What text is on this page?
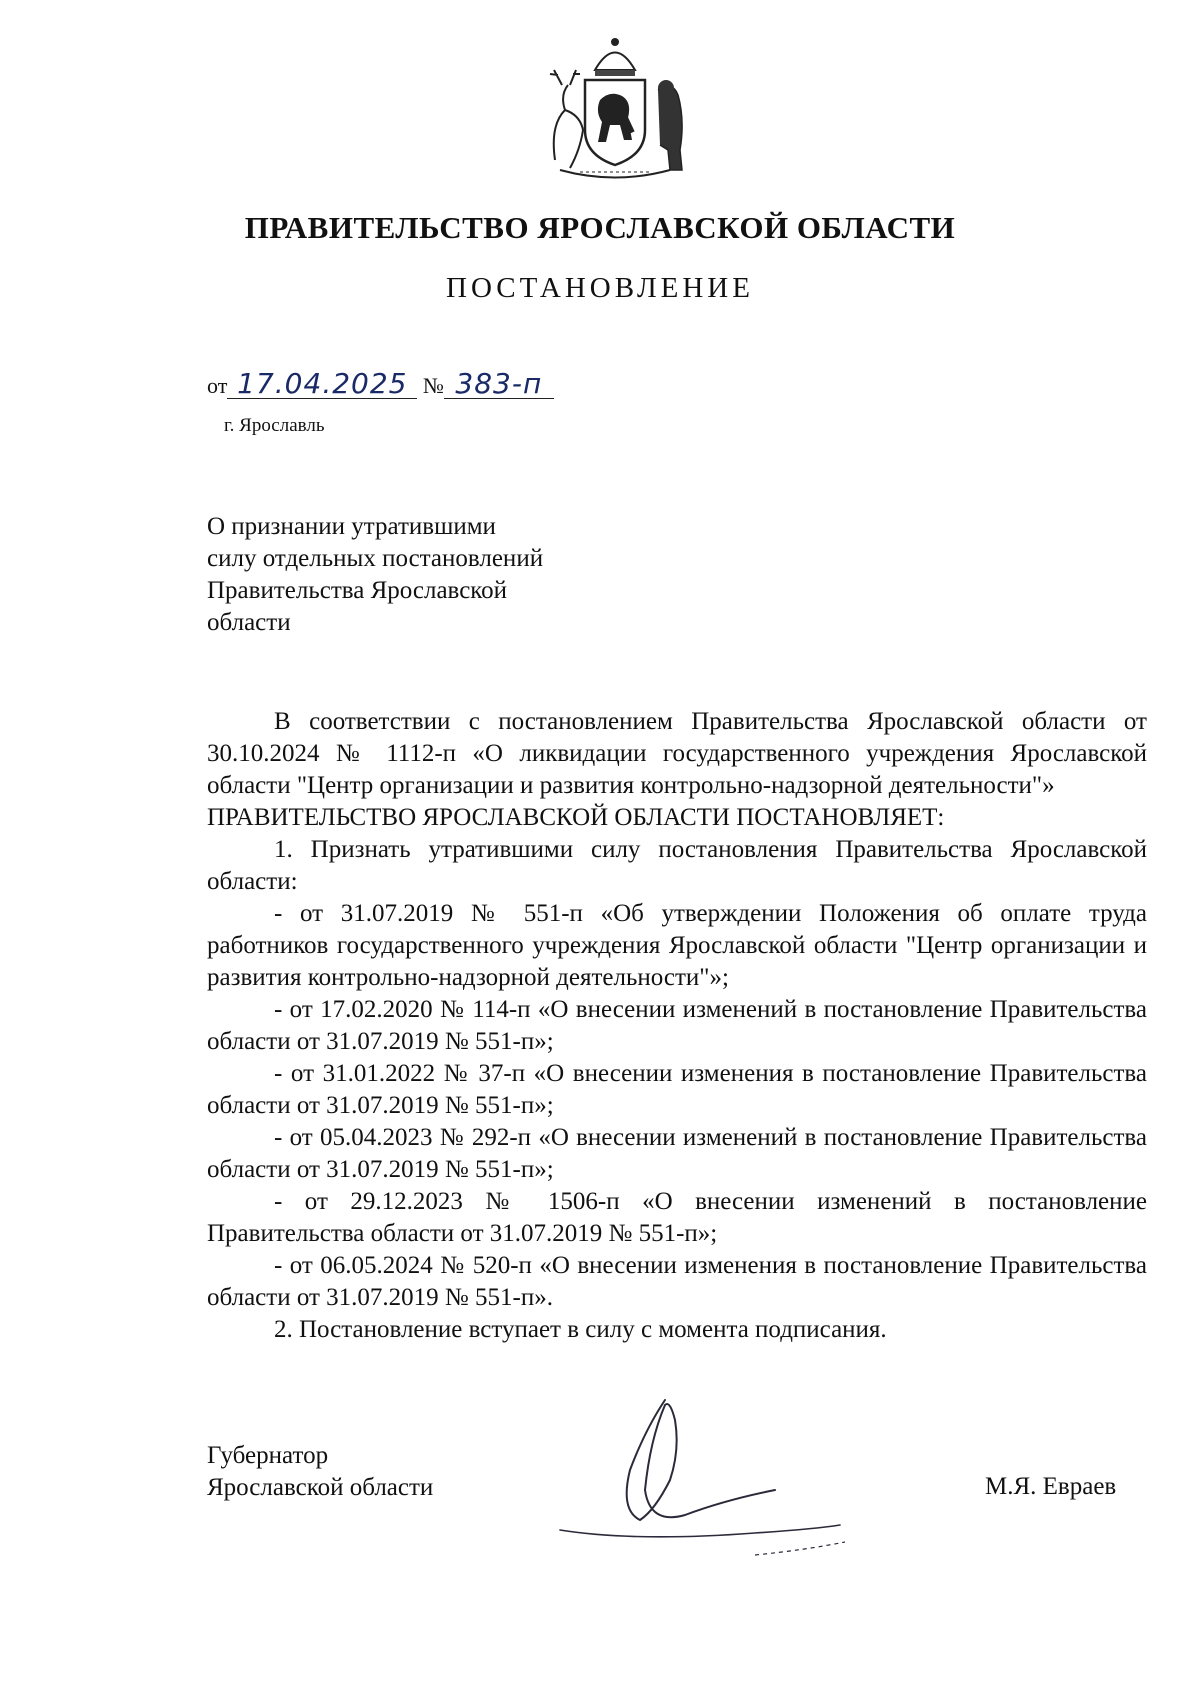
ПРАВИТЕЛЬСТВО ЯРОСЛАВСКОЙ ОБЛАСТИ
ПОСТАНОВЛЕНИЕ
от 17.04.2025 № 383-п
г. Ярославль
О признании утратившими
силу отдельных постановлений
Правительства Ярославской
области

В соответствии с постановлением Правительства Ярославской области от 30.10.2024 № 1112-п «О ликвидации государственного учреждения Ярославской области "Центр организации и развития контрольно-надзорной деятельности"»

ПРАВИТЕЛЬСТВО ЯРОСЛАВСКОЙ ОБЛАСТИ ПОСТАНОВЛЯЕТ:

1. Признать утратившими силу постановления Правительства Ярославской области:

- от 31.07.2019 № 551-п «Об утверждении Положения об оплате труда работников государственного учреждения Ярославской области "Центр организации и развития контрольно-надзорной деятельности"»;

- от 17.02.2020 № 114-п «О внесении изменений в постановление Правительства области от 31.07.2019 № 551-п»;

- от 31.01.2022 № 37-п «О внесении изменения в постановление Правительства области от 31.07.2019 № 551-п»;

- от 05.04.2023 № 292-п «О внесении изменений в постановление Правительства области от 31.07.2019 № 551-п»;

- от 29.12.2023 № 1506-п «О внесении изменений в постановление Правительства области от 31.07.2019 № 551-п»;

- от 06.05.2024 № 520-п «О внесении изменения в постановление Правительства области от 31.07.2019 № 551-п».

2. Постановление вступает в силу с момента подписания.

Губернатор
Ярославской области	М.Я. Евраев
